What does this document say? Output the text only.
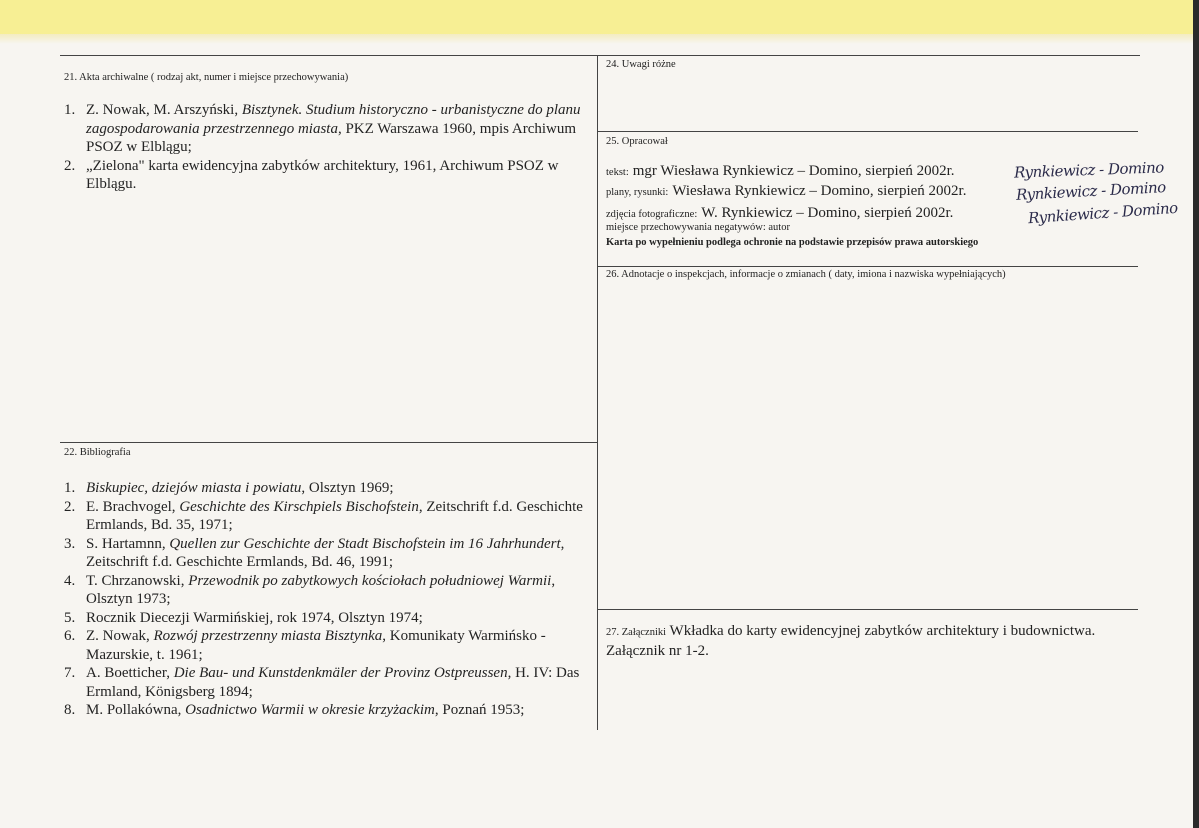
21. Akta archiwalne ( rodzaj akt, numer i miejsce przechowywania)
1. Z. Nowak, M. Arszyński, Bisztynek. Studium historyczno - urbanistyczne do planu zagospodarowania przestrzennego miasta, PKZ Warszawa 1960, mpis Archiwum PSOZ w Elblągu;
2. „Zielona" karta ewidencyjna zabytków architektury, 1961, Archiwum PSOZ w Elblągu.
22. Bibliografia
1. Biskupiec, dziejów miasta i powiatu, Olsztyn 1969;
2. E. Brachvogel, Geschichte des Kirschpiels Bischofstein, Zeitschrift f.d. Geschichte Ermlands, Bd. 35, 1971;
3. S. Hartamnn, Quellen zur Geschichte der Stadt Bischofstein im 16 Jahrhundert, Zeitschrift f.d. Geschichte Ermlands, Bd. 46, 1991;
4. T. Chrzanowski, Przewodnik po zabytkowych kościołach południowej Warmii, Olsztyn 1973;
5. Rocznik Diecezji Warmińskiej, rok 1974, Olsztyn 1974;
6. Z. Nowak, Rozwój przestrzenny miasta Bisztynka, Komunikaty Warmińsko - Mazurskie, t. 1961;
7. A. Boetticher, Die Bau- und Kunstdenkmäler der Provinz Ostpreussen, H. IV: Das Ermland, Königsberg 1894;
8. M. Pollakówna, Osadnictwo Warmii w okresie krzyżackim, Poznań 1953;
24. Uwagi różne
25. Opracował
tekst: mgr Wiesława Rynkiewicz – Domino, sierpień 2002r.
plany, rysunki: Wiesława Rynkiewicz – Domino, sierpień 2002r.
zdjęcia fotograficzne: W. Rynkiewicz – Domino, sierpień 2002r.
Rynkiewicz - Domino
Rynkiewicz - Domino
Rynkiewicz - Domino
miejsce przechowywania negatywów: autor
Karta po wypełnieniu podlega ochronie na podstawie przepisów prawa autorskiego
26. Adnotacje o inspekcjach, informacje o zmianach ( daty, imiona i nazwiska wypełniających)
27. Załączniki Wkładka do karty ewidencyjnej zabytków architektury i budownictwa. Załącznik nr 1-2.
